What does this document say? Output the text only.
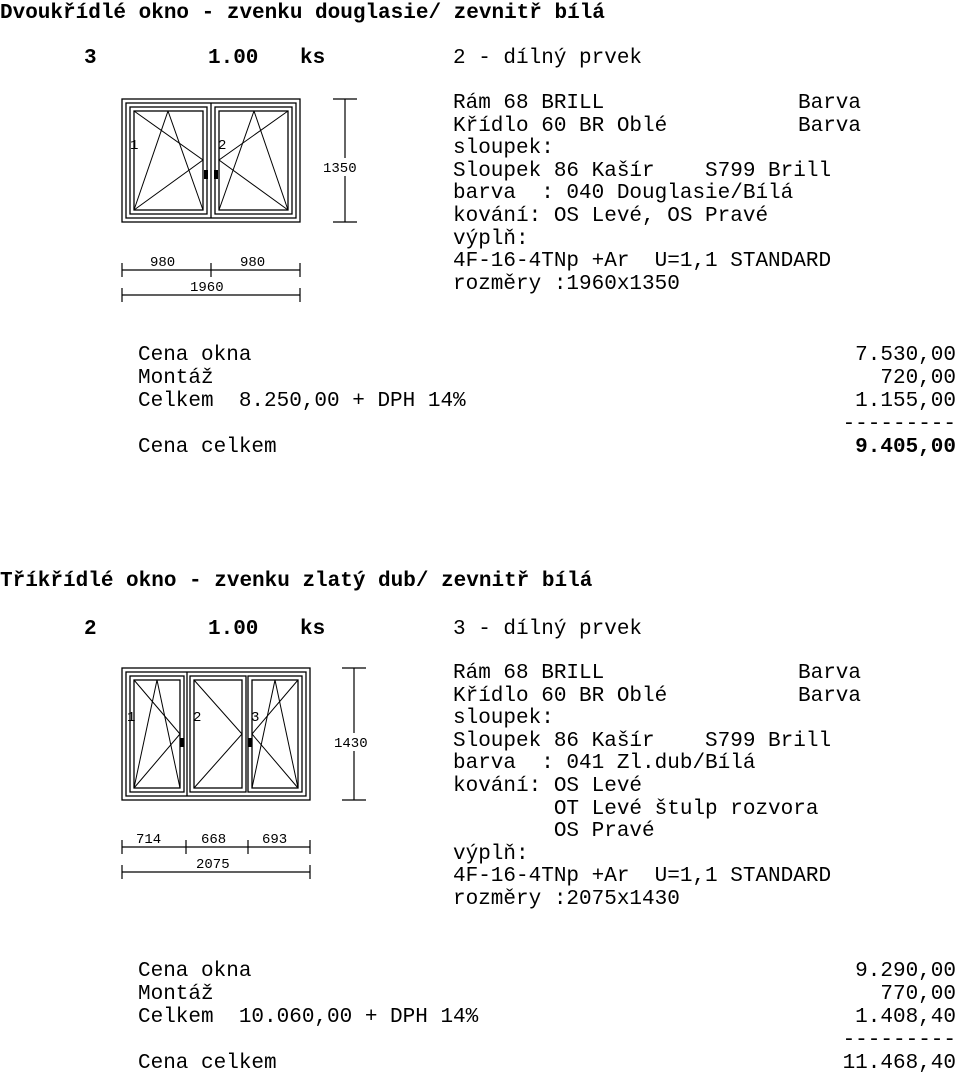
Dvoukřídlé okno - zvenku douglasie/ zevnitř bílá
3	1.00 ks	2 - dílný prvek
1	2
1350
980	980
1960
Rám 68 BRILL	Barva
Křídlo 60 BR Oblé	Barva
sloupek:
Sloupek 86 Kašír    S799 Brill
barva  : 040 Douglasie/Bílá
kování: OS Levé, OS Pravé
výplň:
4F-16-4TNp +Ar  U=1,1 STANDARD
rozměry :1960x1350
Cena okna	7.530,00
Montáž	720,00
Celkem  8.250,00 + DPH 14%	1.155,00
---------
Cena celkem	9.405,00
Tříkřídlé okno - zvenku zlatý dub/ zevnitř bílá
2	1.00 ks	3 - dílný prvek
1	2	3
1430
714	668	693
2075
Rám 68 BRILL	Barva
Křídlo 60 BR Oblé	Barva
sloupek:
Sloupek 86 Kašír    S799 Brill
barva  : 041 Zl.dub/Bílá
kování: OS Levé
OT Levé štulp rozvora
OS Pravé
výplň:
4F-16-4TNp +Ar  U=1,1 STANDARD
rozměry :2075x1430
Cena okna	9.290,00
Montáž	770,00
Celkem  10.060,00 + DPH 14%	1.408,40
---------
Cena celkem	11.468,40
